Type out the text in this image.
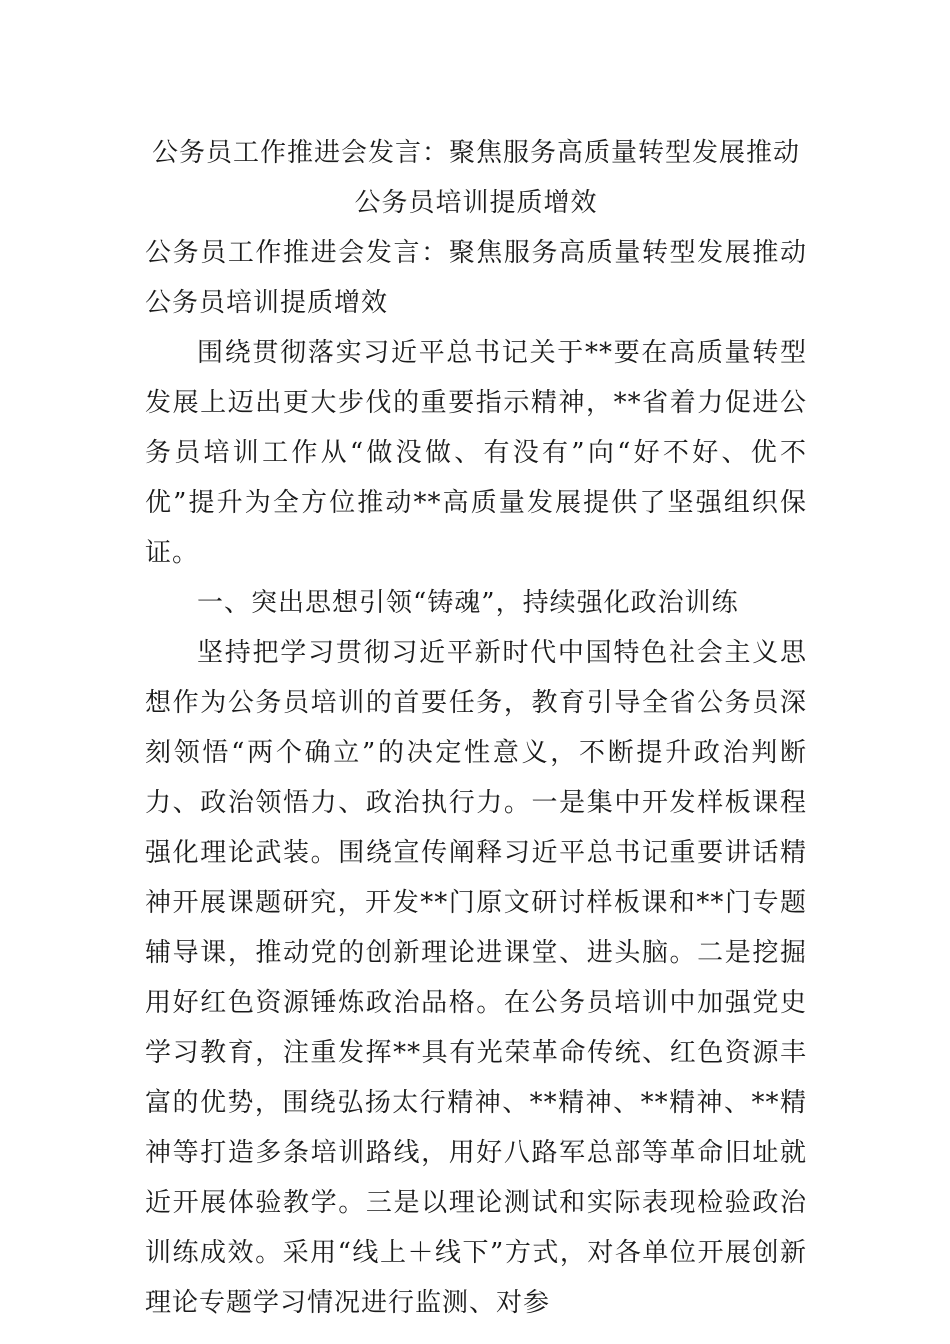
公务员工作推进会发言：聚焦服务高质量转型发展推动公务员培训提质增效

公务员工作推进会发言：聚焦服务高质量转型发展推动公务员培训提质增效

围绕贯彻落实习近平总书记关于**要在高质量转型发展上迈出更大步伐的重要指示精神，**省着力促进公务员培训工作从“做没做、有没有”向“好不好、优不优”提升为全方位推动**高质量发展提供了坚强组织保证。

一、突出思想引领“铸魂”，持续强化政治训练

坚持把学习贯彻习近平新时代中国特色社会主义思想作为公务员培训的首要任务，教育引导全省公务员深刻领悟“两个确立”的决定性意义，不断提升政治判断力、政治领悟力、政治执行力。一是集中开发样板课程强化理论武装。围绕宣传阐释习近平总书记重要讲话精神开展课题研究，开发**门原文研讨样板课和**门专题辅导课，推动党的创新理论进课堂、进头脑。二是挖掘用好红色资源锤炼政治品格。在公务员培训中加强党史学习教育，注重发挥**具有光荣革命传统、红色资源丰富的优势，围绕弘扬太行精神、**精神、**精神、**精神等打造多条培训路线，用好八路军总部等革命旧址就近开展体验教学。三是以理论测试和实际表现检验政治训练成效。采用“线上＋线下”方式，对各单位开展创新理论专题学习情况进行监测、对参
